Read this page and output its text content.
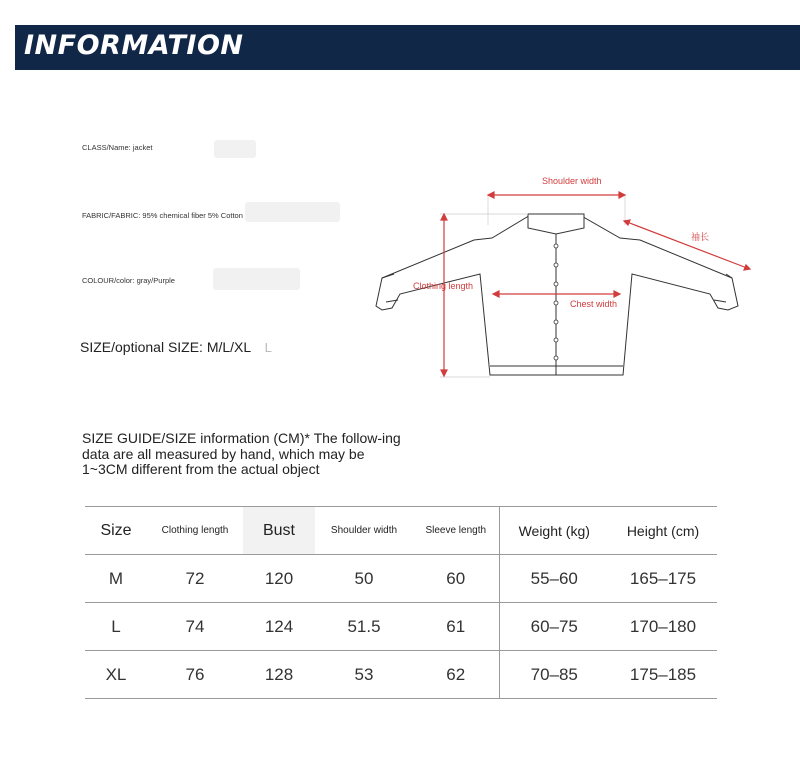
INFORMATION
CLASS/Name: jacket
FABRIC/FABRIC: 95% chemical fiber 5% Cotton
COLOUR/color: gray/Purple
SIZE/optional SIZE: M/L/XL L
SIZE GUIDE/SIZE information (CM)* The follow-ing data are all measured by hand, which may be 1~3CM different from the actual object
Shoulder width
袖长
Clothing length
Chest width
Size	Clothing length	Bust	Shoulder width	Sleeve length	Weight (kg)	Height (cm)
M	72	120	50	60	55–60	165–175
L	74	124	51.5	61	60–75	170–180
XL	76	128	53	62	70–85	175–185
